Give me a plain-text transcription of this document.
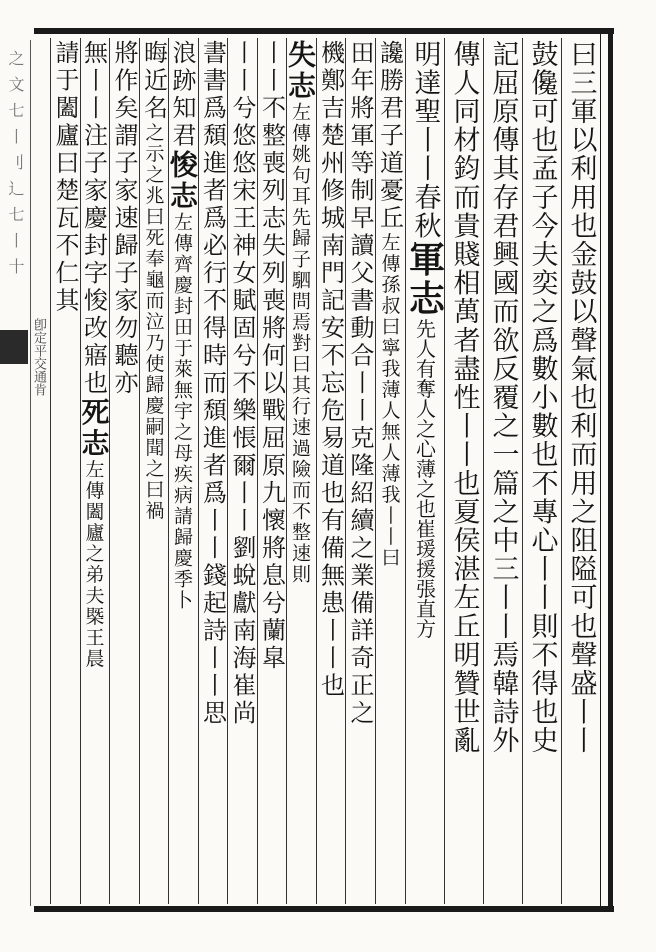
之文七丨刂辶七丨十
卽定平交通肯	曰三軍以利用也金鼓以聲氣也利而用之阻隘可也聲盛丨丨
鼓儳可也孟子今夫奕之爲數小數也不專心丨丨則不得也史
記屈原傳其存君興國而欲反覆之一篇之中三丨丨焉韓詩外
傳人同材鈞而貴賤相萬者盡性丨丨也夏侯湛左丘明贊世亂
明達聖丨丨春秋軍志先人有奪人之心薄之也崔瑗援張直方
讒勝君子道憂丘左傳孫叔曰寧我薄人無人薄我丨丨曰
田年將軍等制早讀父書動合丨丨克隆紹續之業備詳奇正之
機鄭吉楚州修城南門記安不忘危易道也有備無患丨丨也
失志左傳姚句耳先歸子駟問焉對曰其行速過險而不整速則
丨丨不整喪列志失列喪將何以戰屈原九懷將息兮蘭皐
丨丨兮悠悠宋王神女賦固兮不樂悵爾丨丨劉蛻獻南海崔尚
書書爲頹進者爲必行不得時而頹進者爲丨丨錢起詩丨丨思
浪跡知君悛志左傳齊慶封田于萊無宇之母疾病請歸慶季卜
晦近名之示之兆曰死奉龜而泣乃使歸慶嗣聞之曰禍
將作矣謂子家速歸子家勿聽亦
無丨丨注子家慶封字悛改寤也死志左傳闔廬之弟夫槩王晨
請于闔廬曰楚瓦不仁其
